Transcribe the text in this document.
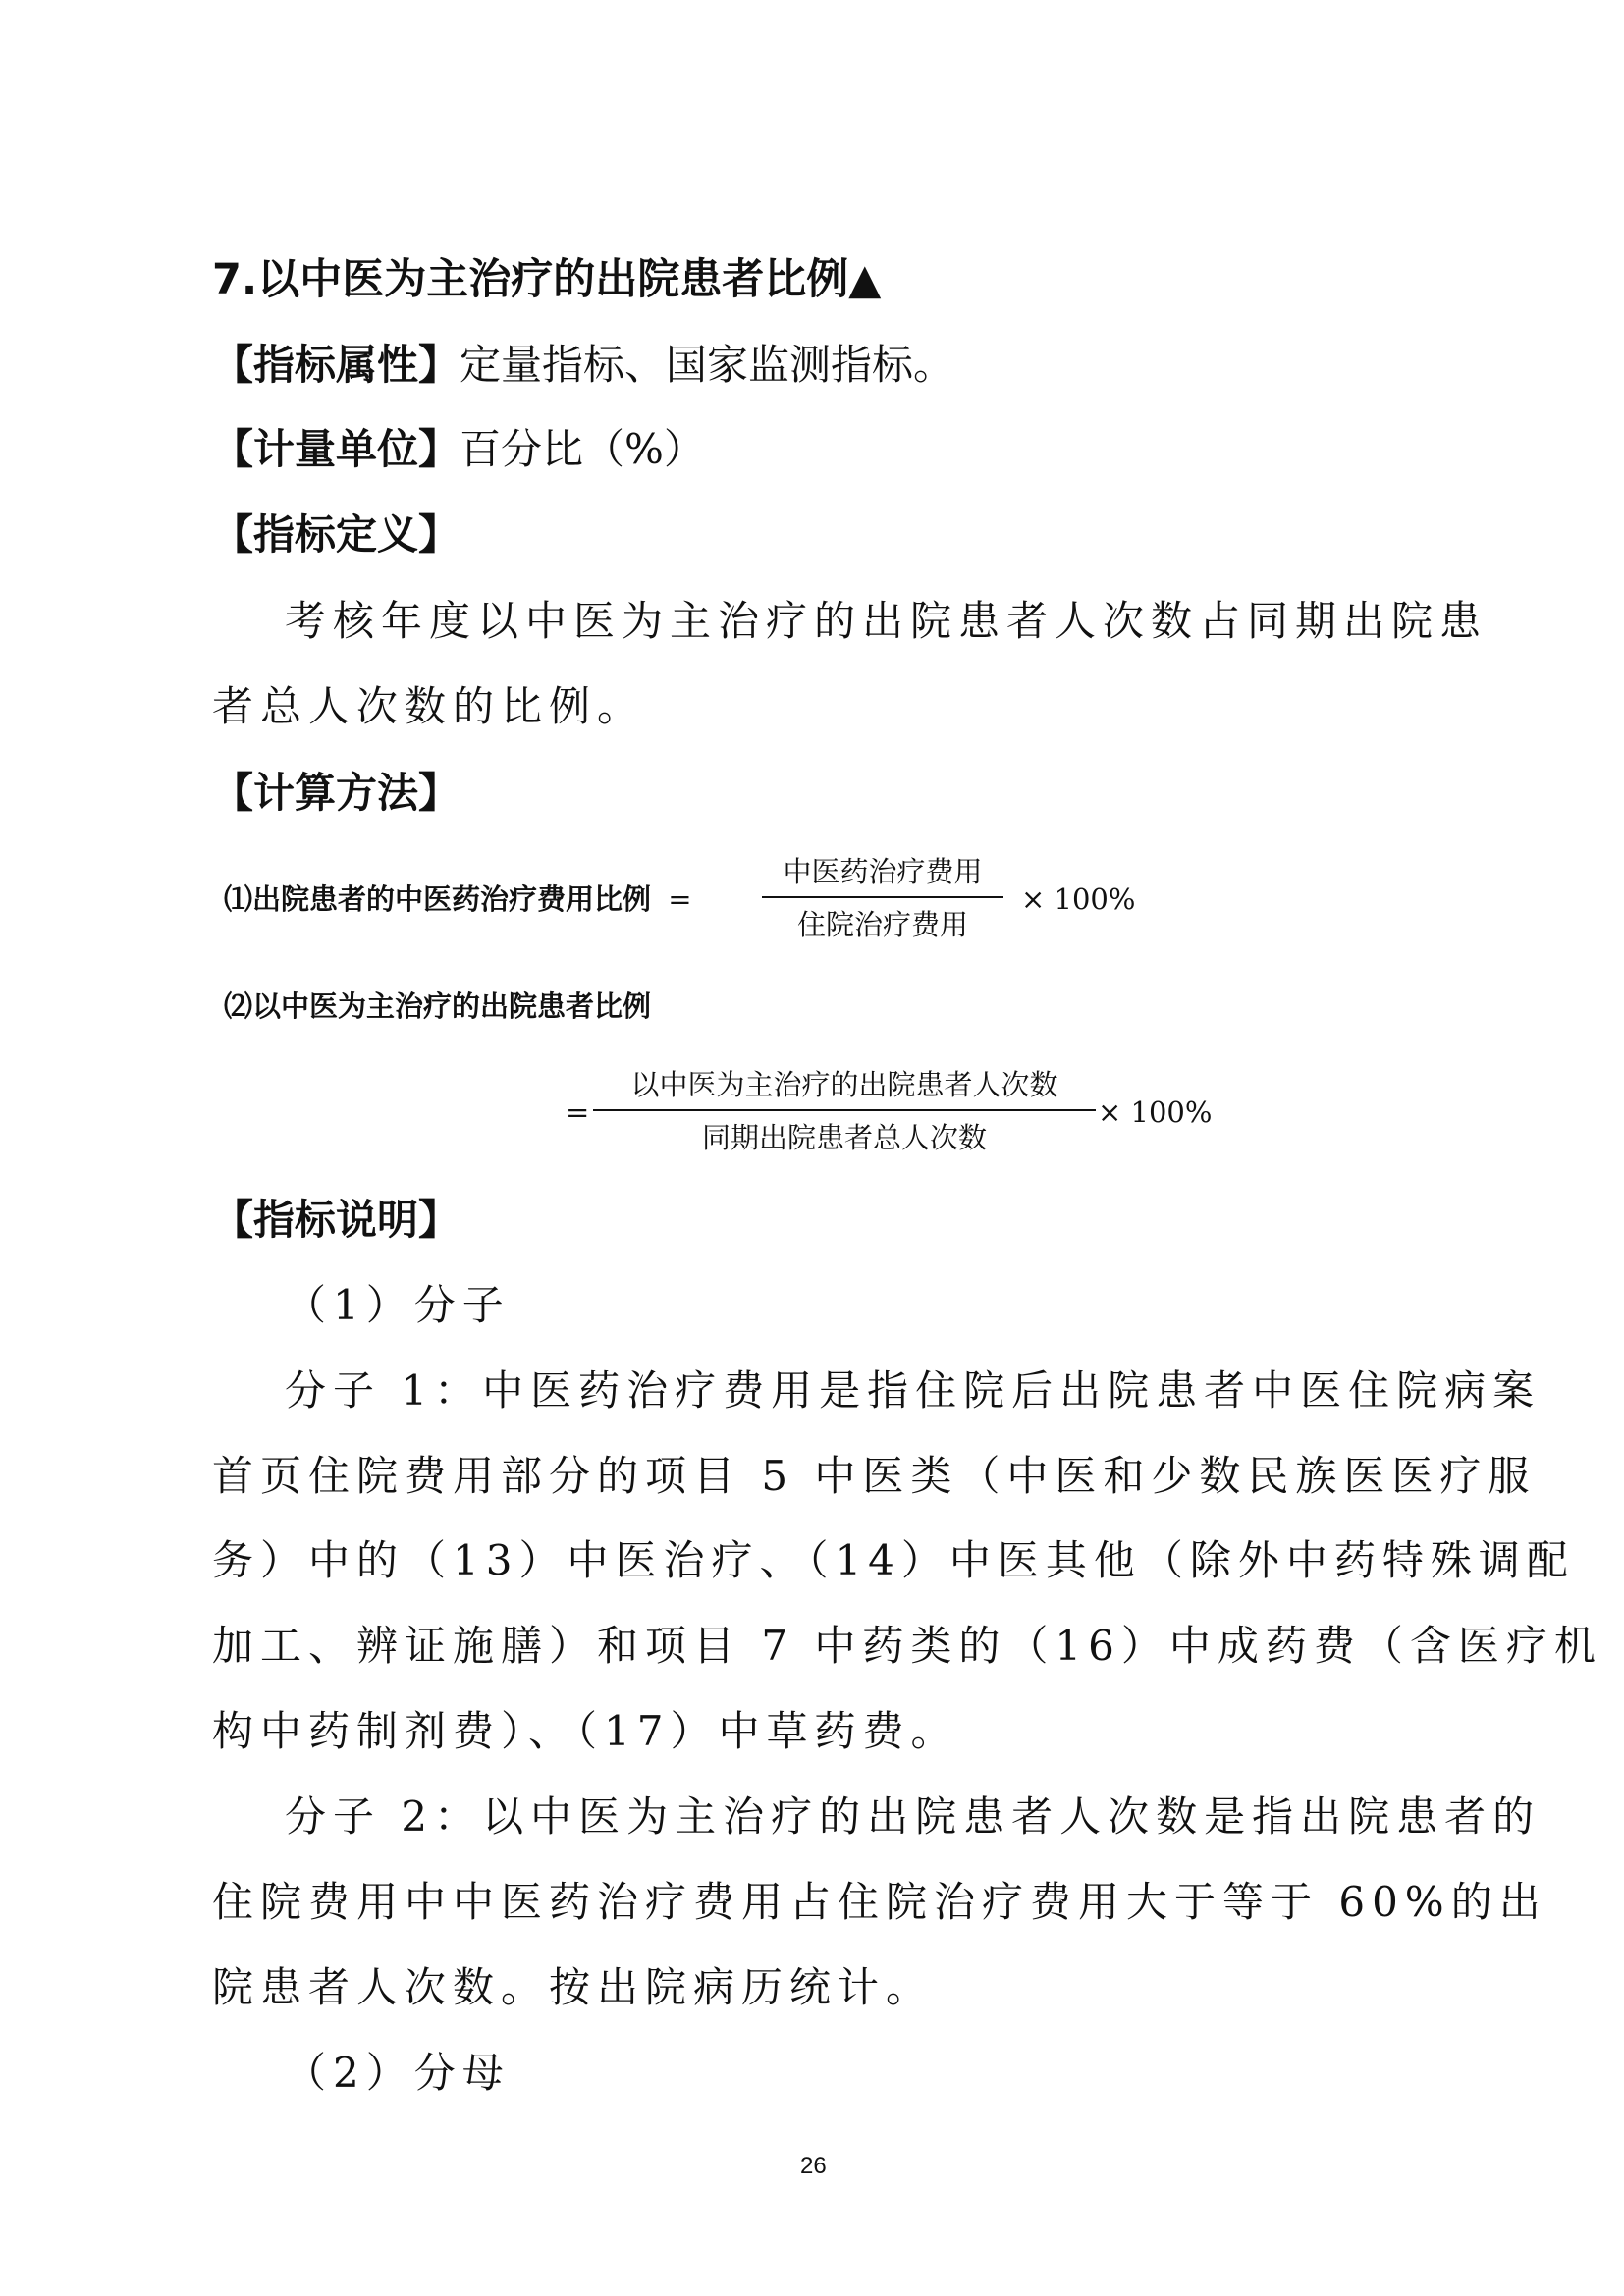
7.以中医为主治疗的出院患者比例▲
【指标属性】定量指标、国家监测指标。
【计量单位】百分比（%）
【指标定义】
考核年度以中医为主治疗的出院患者人次数占同期出院患
者总人次数的比例。
【计算方法】
⑴出院患者的中医药治疗费用比例 =
中医药治疗费用
住院治疗费用
× 100%
⑵以中医为主治疗的出院患者比例
=
以中医为主治疗的出院患者人次数
同期出院患者总人次数
× 100%
【指标说明】
（1）分子
分子 1：中医药治疗费用是指住院后出院患者中医住院病案
首页住院费用部分的项目 5 中医类（中医和少数民族医医疗服
务）中的（13）中医治疗、（14）中医其他（除外中药特殊调配
加工、辨证施膳）和项目 7 中药类的（16）中成药费（含医疗机
构中药制剂费）、（17）中草药费。
分子 2：以中医为主治疗的出院患者人次数是指出院患者的
住院费用中中医药治疗费用占住院治疗费用大于等于 60%的出
院患者人次数。按出院病历统计。
（2）分母
26
